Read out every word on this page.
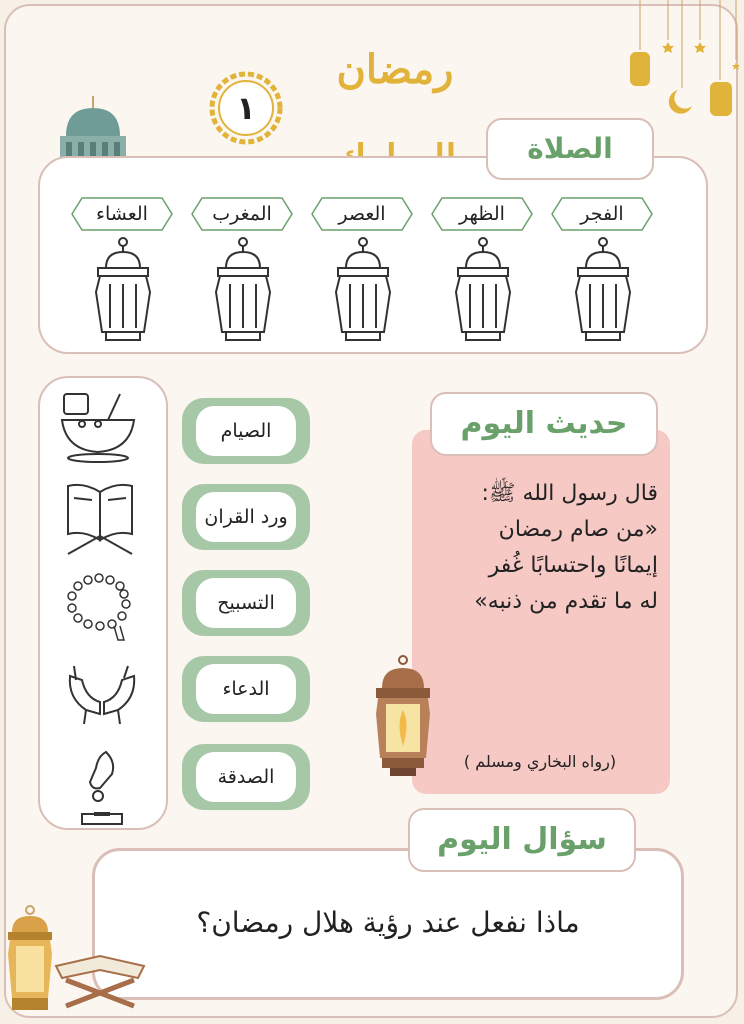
رمضان
١
الصلاة
الفجر
الظهر
العصر
المغرب
العشاء
الصيام
ورد القران
التسبيح
الدعاء
الصدقة
حديث اليوم
قال رسول الله ﷺ:
«من صام رمضان
إيمانًا واحتسابًا غُفر
له ما تقدم من ذنبه»
(رواه البخاري ومسلم )
سؤال اليوم
ماذا نفعل عند رؤية هلال رمضان؟
